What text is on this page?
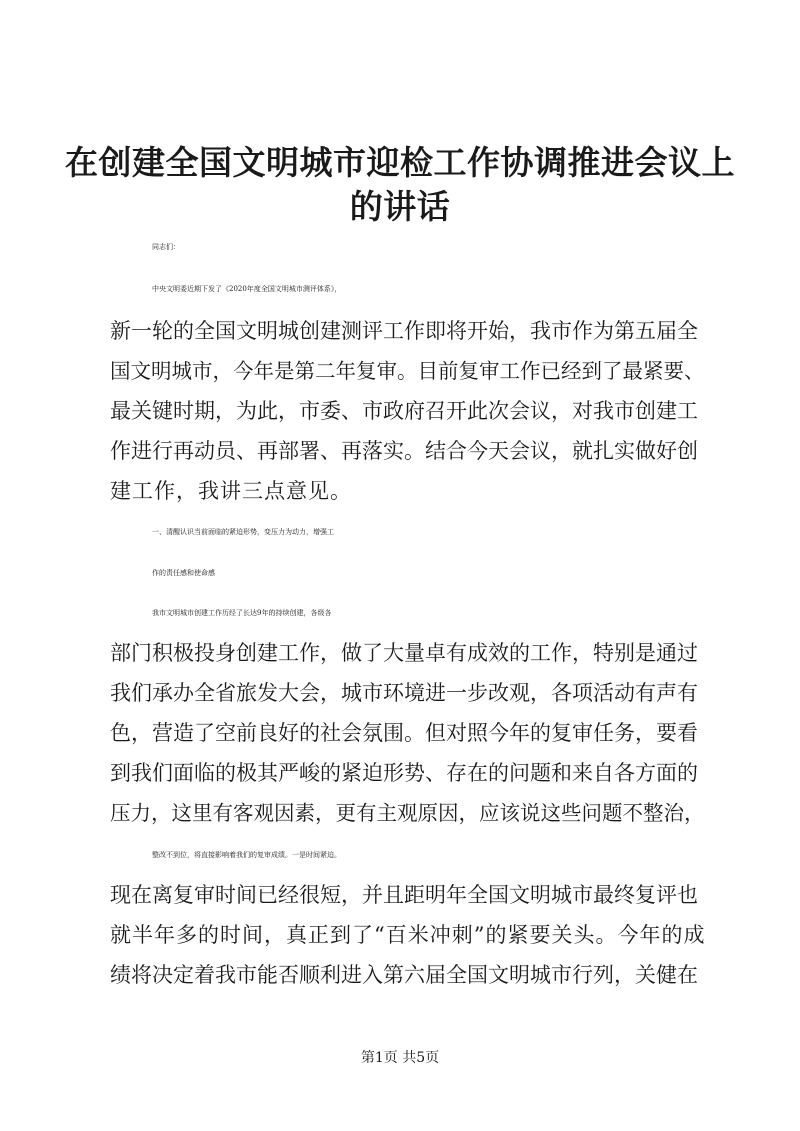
在创建全国文明城市迎检工作协调推进会议上
的讲话
同志们：
中央文明委近期下发了《2020年度全国文明城市测评体系》，
新一轮的全国文明城创建测评工作即将开始，我市作为第五届全
国文明城市，今年是第二年复审。目前复审工作已经到了最紧要、
最关键时期，为此，市委、市政府召开此次会议，对我市创建工
作进行再动员、再部署、再落实。结合今天会议，就扎实做好创
建工作，我讲三点意见。
一、清醒认识当前面临的紧迫形势，变压力为动力，增强工
作的责任感和使命感
我市文明城市创建工作历经了长达9年的持续创建，各级各
部门积极投身创建工作，做了大量卓有成效的工作，特别是通过
我们承办全省旅发大会，城市环境进一步改观，各项活动有声有
色，营造了空前良好的社会氛围。但对照今年的复审任务，要看
到我们面临的极其严峻的紧迫形势、存在的问题和来自各方面的
压力，这里有客观因素，更有主观原因，应该说这些问题不整治，
整改不到位，将直接影响着我们的复审成绩。一是时间紧迫。
现在离复审时间已经很短，并且距明年全国文明城市最终复评也
就半年多的时间，真正到了“百米冲刺”的紧要关头。今年的成
绩将决定着我市能否顺利进入第六届全国文明城市行列，关健在
第1页 共5页
